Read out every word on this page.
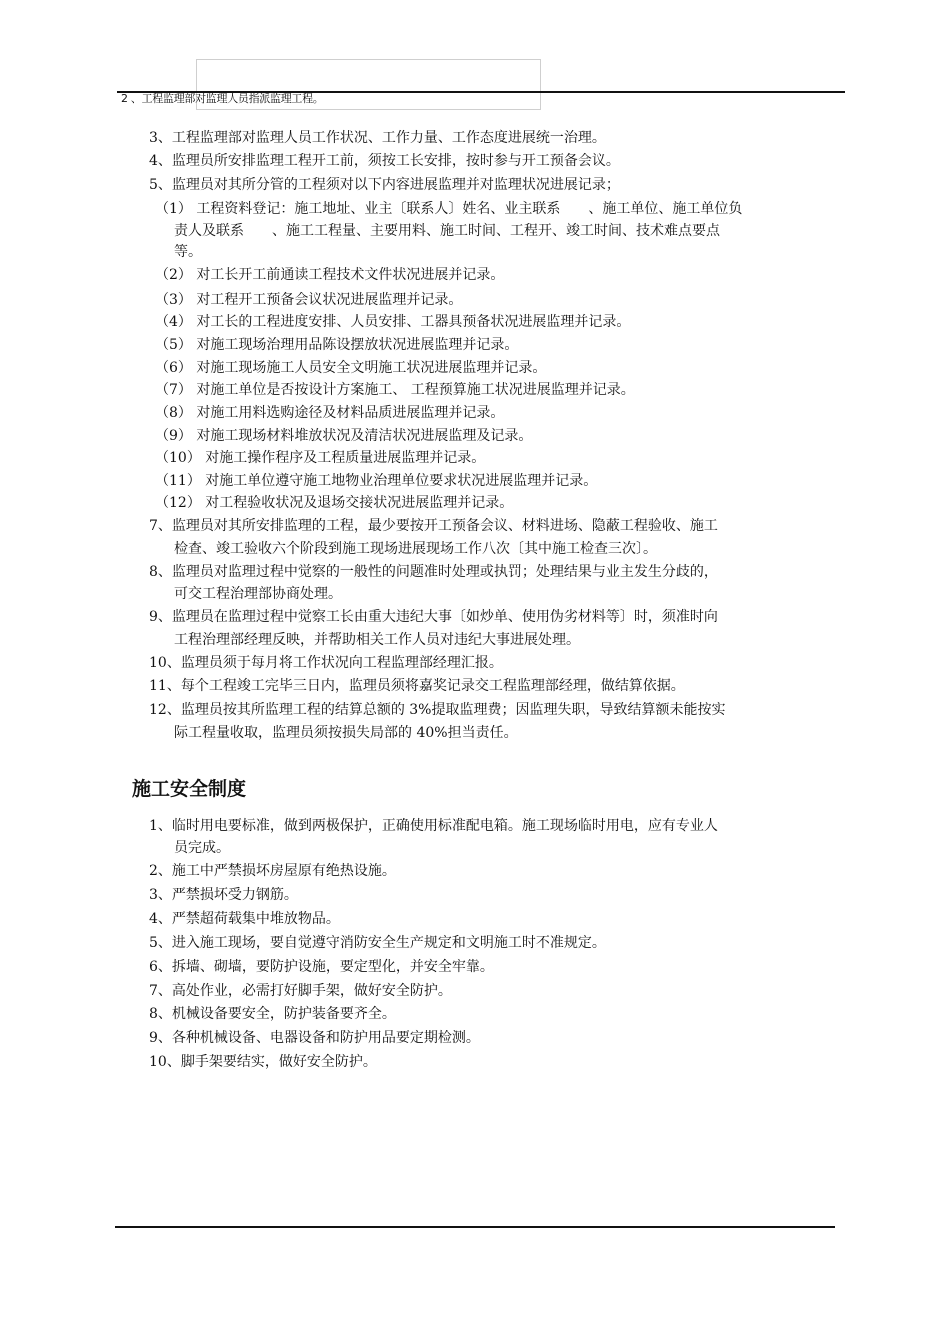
2 、工程监理部对监理人员指派监理工程。
3、工程监理部对监理人员工作状况、工作力量、工作态度进展统一治理。
4、监理员所安排监理工程开工前，须按工长安排，按时参与开工预备会议。
5、监理员对其所分管的工程须对以下内容进展监理并对监理状况进展记录；
（1） 工程资料登记：施工地址、业主〔联系人〕姓名、业主联系　　、施工单位、施工单位负
责人及联系　　、施工工程量、主要用料、施工时间、工程开、竣工时间、技术难点要点
等。
（2） 对工长开工前通读工程技术文件状况进展并记录。
（3） 对工程开工预备会议状况进展监理并记录。
（4） 对工长的工程进度安排、人员安排、工器具预备状况进展监理并记录。
（5） 对施工现场治理用品陈设摆放状况进展监理并记录。
（6） 对施工现场施工人员安全文明施工状况进展监理并记录。
（7） 对施工单位是否按设计方案施工、 工程预算施工状况进展监理并记录。
（8） 对施工用料选购途径及材料品质进展监理并记录。
（9） 对施工现场材料堆放状况及清洁状况进展监理及记录。
（10） 对施工操作程序及工程质量进展监理并记录。
（11） 对施工单位遵守施工地物业治理单位要求状况进展监理并记录。
（12） 对工程验收状况及退场交接状况进展监理并记录。
7、监理员对其所安排监理的工程，最少要按开工预备会议、材料进场、隐蔽工程验收、施工
检查、竣工验收六个阶段到施工现场进展现场工作八次〔其中施工检查三次〕。
8、监理员对监理过程中觉察的一般性的问题准时处理或执罚；处理结果与业主发生分歧的，
可交工程治理部协商处理。
9、监理员在监理过程中觉察工长由重大违纪大事〔如炒单、使用伪劣材料等〕时，须准时向
工程治理部经理反映，并帮助相关工作人员对违纪大事进展处理。
10、监理员须于每月将工作状况向工程监理部经理汇报。
11、每个工程竣工完毕三日内，监理员须将嘉奖记录交工程监理部经理，做结算依据。
12、监理员按其所监理工程的结算总额的 3%提取监理费；因监理失职，导致结算额未能按实
际工程量收取，监理员须按损失局部的 40%担当责任。
施工安全制度
1、临时用电要标准，做到两极保护，正确使用标准配电箱。施工现场临时用电，应有专业人
员完成。
2、施工中严禁损坏房屋原有绝热设施。
3、严禁损坏受力钢筋。
4、严禁超荷载集中堆放物品。
5、进入施工现场，要自觉遵守消防安全生产规定和文明施工时不准规定。
6、拆墙、砌墙，要防护设施，要定型化，并安全牢靠。
7、高处作业，必需打好脚手架，做好安全防护。
8、机械设备要安全，防护装备要齐全。
9、各种机械设备、电器设备和防护用品要定期检测。
10、脚手架要结实，做好安全防护。
